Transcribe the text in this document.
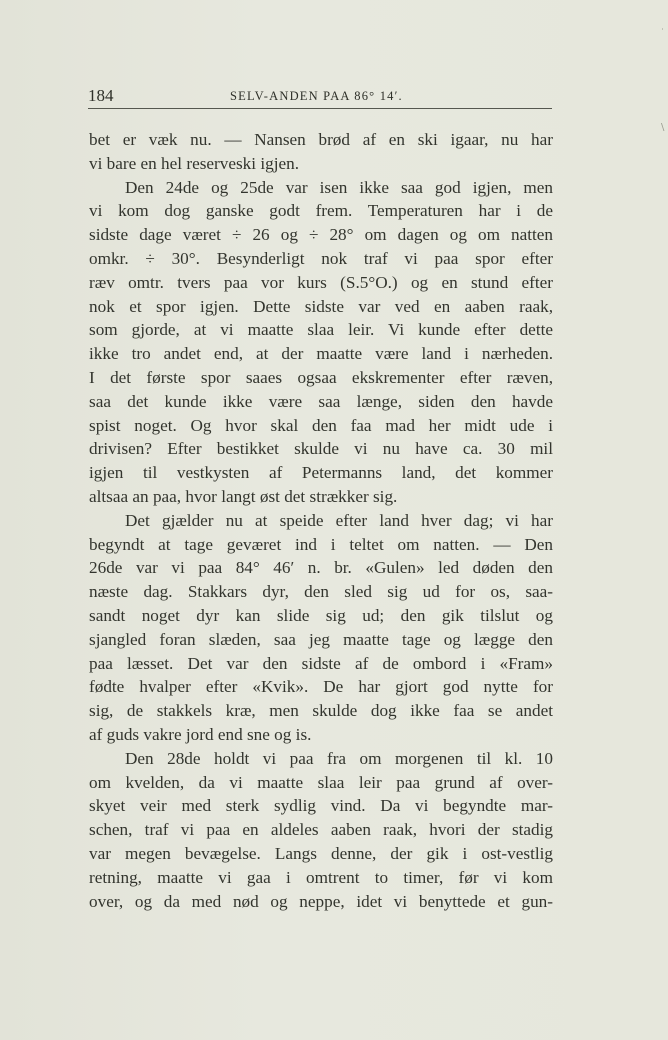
˙
\
184	SELV-ANDEN PAA 86° 14′.
bet er væk nu. — Nansen brød af en ski igaar, nu har
vi bare en hel reserveski igjen.
Den 24de og 25de var isen ikke saa god igjen, men
vi kom dog ganske godt frem. Temperaturen har i de
sidste dage været ÷ 26 og ÷ 28° om dagen og om natten
omkr. ÷ 30°. Besynderligt nok traf vi paa spor efter
ræv omtr. tvers paa vor kurs (S.5°O.) og en stund efter
nok et spor igjen. Dette sidste var ved en aaben raak,
som gjorde, at vi maatte slaa leir. Vi kunde efter dette
ikke tro andet end, at der maatte være land i nærheden.
I det første spor saaes ogsaa ekskrementer efter ræven,
saa det kunde ikke være saa længe, siden den havde
spist noget. Og hvor skal den faa mad her midt ude i
drivisen? Efter bestikket skulde vi nu have ca. 30 mil
igjen til vestkysten af Petermanns land, det kommer
altsaa an paa, hvor langt øst det strækker sig.
Det gjælder nu at speide efter land hver dag; vi har
begyndt at tage geværet ind i teltet om natten. — Den
26de var vi paa 84° 46′ n. br. «Gulen» led døden den
næste dag. Stakkars dyr, den sled sig ud for os, saa-
sandt noget dyr kan slide sig ud; den gik tilslut og
sjangled foran slæden, saa jeg maatte tage og lægge den
paa læsset. Det var den sidste af de ombord i «Fram»
fødte hvalper efter «Kvik». De har gjort god nytte for
sig, de stakkels kræ, men skulde dog ikke faa se andet
af guds vakre jord end sne og is.
Den 28de holdt vi paa fra om morgenen til kl. 10
om kvelden, da vi maatte slaa leir paa grund af over-
skyet veir med sterk sydlig vind. Da vi begyndte mar-
schen, traf vi paa en aldeles aaben raak, hvori der stadig
var megen bevægelse. Langs denne, der gik i ost-vestlig
retning, maatte vi gaa i omtrent to timer, før vi kom
over, og da med nød og neppe, idet vi benyttede et gun-
